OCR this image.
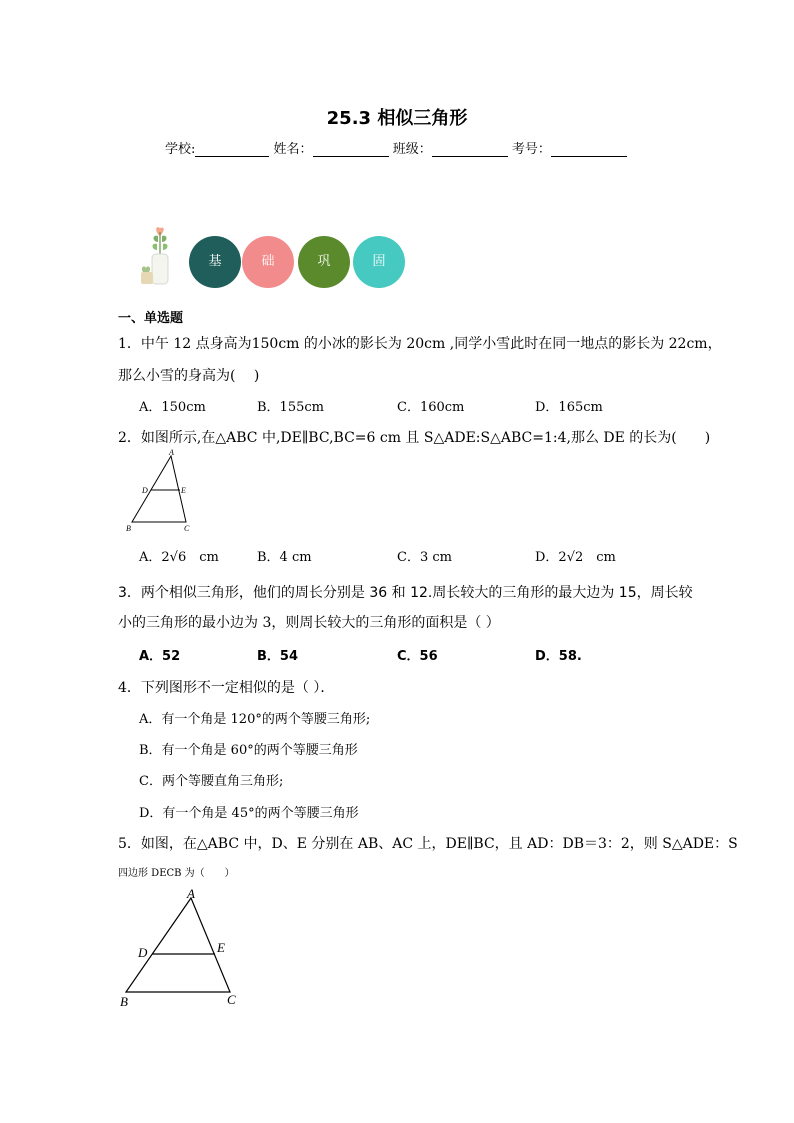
25.3 相似三角形
学校:	姓名：	班级：	考号：
基	础	巩	固
一、单选题
1．中午 12 点身高为150cm 的小冰的影长为 20cm ,同学小雪此时在同一地点的影长为 22cm，
那么小雪的身高为(　 )
A．150cm	B．155cm	C．160cm	D．165cm
2．如图所示,在△ABC 中,DE∥BC,BC=6 cm 且 S△ADE:S△ABC=1:4,那么 DE 的长为(　　)
A
D	E
B	C
A．2√6　cm	B．4 cm	C．3 cm	D．2√2　cm
3．两个相似三角形，他们的周长分别是 36 和 12.周长较大的三角形的最大边为 15，周长较
小的三角形的最小边为 3，则周长较大的三角形的面积是（ ）
A．52	B．54	C．56	D．58.
4．下列图形不一定相似的是（ ）．
A．有一个角是 120°的两个等腰三角形;
B．有一个角是 60°的两个等腰三角形
C．两个等腰直角三角形;
D．有一个角是 45°的两个等腰三角形
5．如图，在△ABC 中，D、E 分别在 AB、AC 上，DE∥BC，且 AD：DB＝3：2，则 S△ADE：S
四边形 DECB 为（　　）
A
D	E
B	C
